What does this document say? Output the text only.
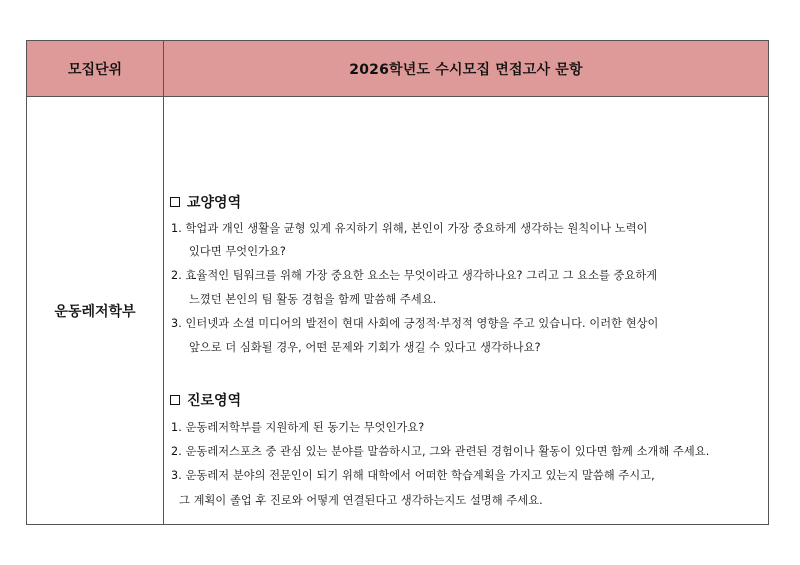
모집단위	2026학년도 수시모집 면접고사 문항
운동레저학부
교양영역
1. 학업과 개인 생활을 균형 있게 유지하기 위해, 본인이 가장 중요하게 생각하는 원칙이나 노력이
있다면 무엇인가요?
2. 효율적인 팀워크를 위해 가장 중요한 요소는 무엇이라고 생각하나요? 그리고 그 요소를 중요하게
느꼈던 본인의 팀 활동 경험을 함께 말씀해 주세요.
3. 인터넷과 소셜 미디어의 발전이 현대 사회에 긍정적·부정적 영향을 주고 있습니다. 이러한 현상이
앞으로 더 심화될 경우, 어떤 문제와 기회가 생길 수 있다고 생각하나요?
진로영역
1. 운동레저학부를 지원하게 된 동기는 무엇인가요?
2. 운동레저스포츠 중 관심 있는 분야를 말씀하시고, 그와 관련된 경험이나 활동이 있다면 함께 소개해 주세요.
3. 운동레저 분야의 전문인이 되기 위해 대학에서 어떠한 학습계획을 가지고 있는지 말씀해 주시고,
그 계획이 졸업 후 진로와 어떻게 연결된다고 생각하는지도 설명해 주세요.
